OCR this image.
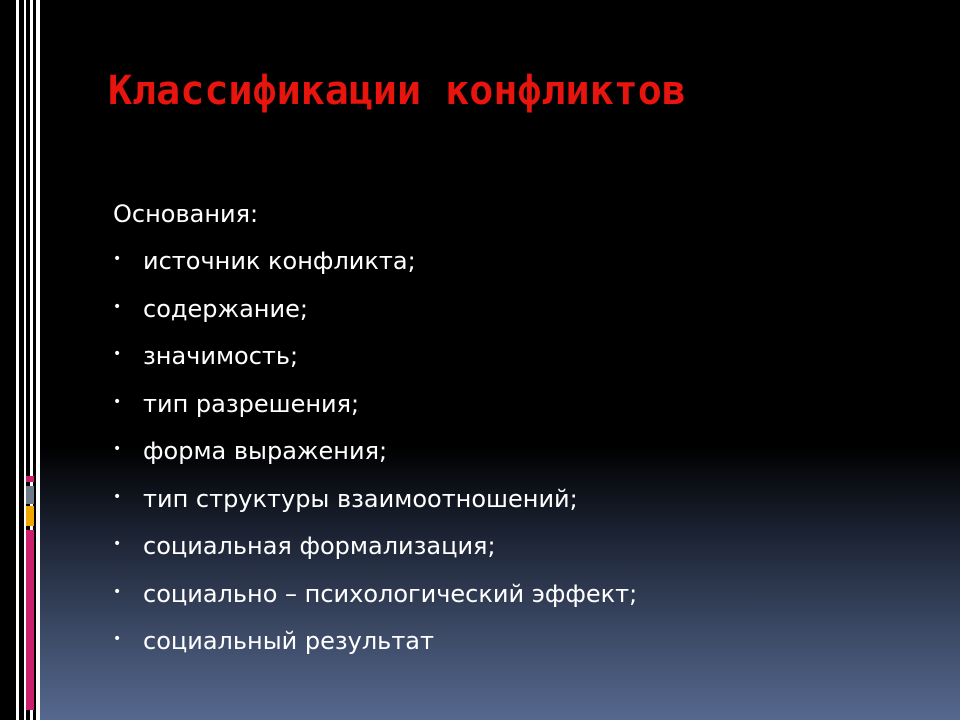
Классификации конфликтов

Основания:

• источник конфликта;
• содержание;
• значимость;
• тип разрешения;
• форма выражения;
• тип структуры взаимоотношений;
• социальная формализация;
• социально – психологический эффект;
• социальный результат
